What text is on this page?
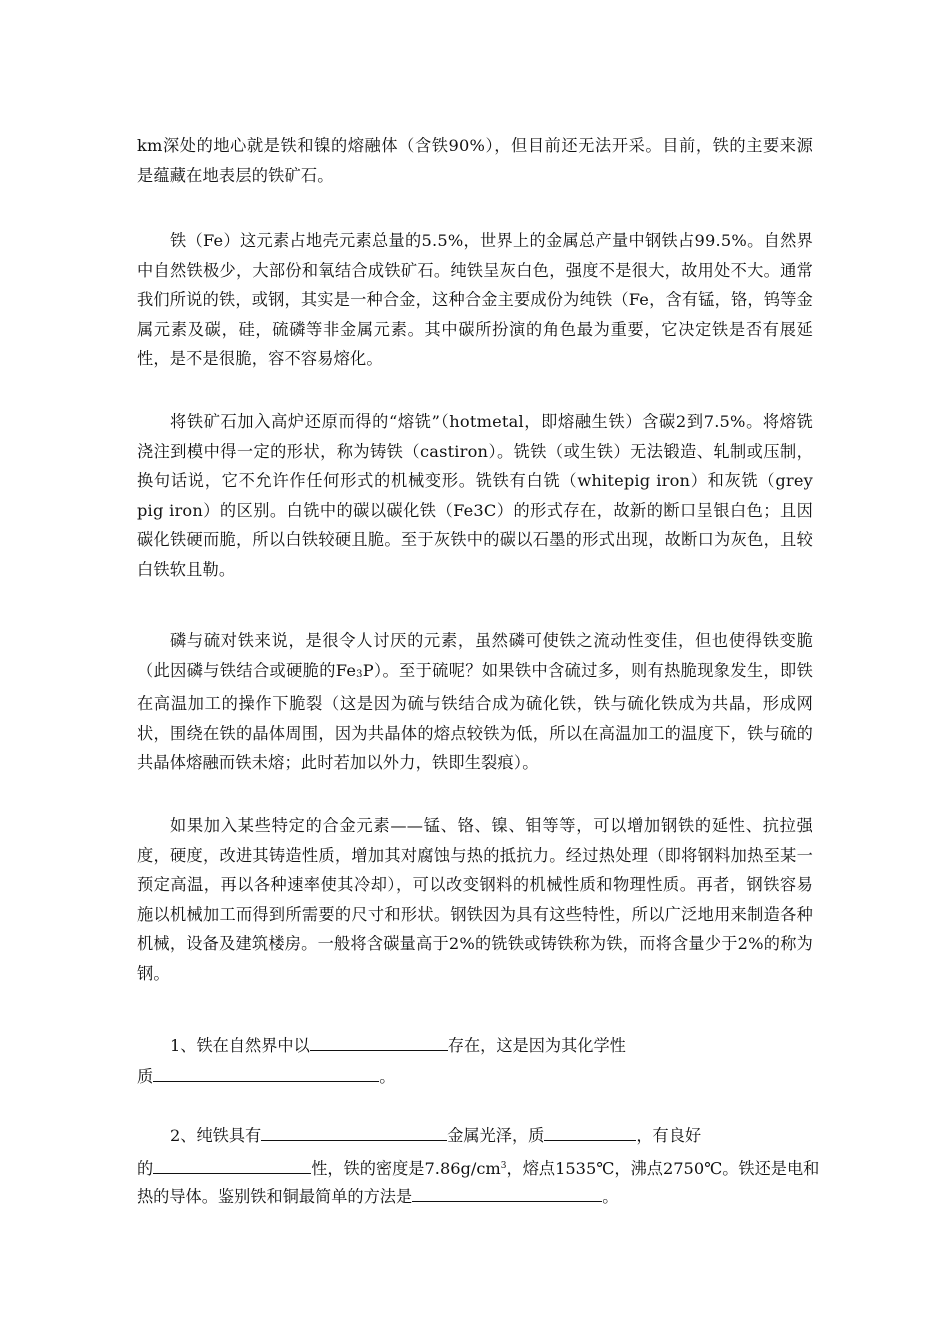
km深处的地心就是铁和镍的熔融体（含铁90%），但目前还无法开采。目前，铁的主要来源是蕴藏在地表层的铁矿石。

铁（Fe）这元素占地壳元素总量的5.5%，世界上的金属总产量中钢铁占99.5%。自然界中自然铁极少，大部份和氧结合成铁矿石。纯铁呈灰白色，强度不是很大，故用处不大。通常我们所说的铁，或钢，其实是一种合金，这种合金主要成份为纯铁（Fe，含有锰，铬，钨等金属元素及碳，硅，硫磷等非金属元素。其中碳所扮演的角色最为重要，它决定铁是否有展延性，是不是很脆，容不容易熔化。

将铁矿石加入高炉还原而得的“熔铣”（hotmetal，即熔融生铁）含碳2到7.5%。将熔铣浇注到模中得一定的形状，称为铸铁（castiron）。铣铁（或生铁）无法锻造、轧制或压制，换句话说，它不允许作任何形式的机械变形。铣铁有白铣（whitepig iron）和灰铣（grey pig iron）的区别。白铣中的碳以碳化铁（Fe3C）的形式存在，故新的断口呈银白色；且因碳化铁硬而脆，所以白铁较硬且脆。至于灰铁中的碳以石墨的形式出现，故断口为灰色，且较白铁软且勒。

磷与硫对铁来说，是很令人讨厌的元素，虽然磷可使铁之流动性变佳，但也使得铁变脆（此因磷与铁结合或硬脆的$Fe_3P$）。至于硫呢？如果铁中含硫过多，则有热脆现象发生，即铁在高温加工的操作下脆裂（这是因为硫与铁结合成为硫化铁，铁与硫化铁成为共晶，形成网状，围绕在铁的晶体周围，因为共晶体的熔点较铁为低，所以在高温加工的温度下，铁与硫的共晶体熔融而铁未熔；此时若加以外力，铁即生裂痕）。

如果加入某些特定的合金元素——锰、铬、镍、钼等等，可以增加钢铁的延性、抗拉强度，硬度，改进其铸造性质，增加其对腐蚀与热的抵抗力。经过热处理（即将钢料加热至某一预定高温，再以各种速率使其冷却），可以改变钢料的机械性质和物理性质。再者，钢铁容易施以机械加工而得到所需要的尺寸和形状。钢铁因为具有这些特性，所以广泛地用来制造各种机械，设备及建筑楼房。一般将含碳量高于2%的铣铁或铸铁称为铁，而将含量少于2%的称为钢。

1、铁在自然界中以	存在，这是因为其化学性

质	。

2、纯铁具有	金属光泽，质	，有良好

的	性，铁的密度是$7.86g/cm^3$，熔点1535℃，沸点2750℃。铁还是电和

热的导体。鉴别铁和铜最简单的方法是	。
